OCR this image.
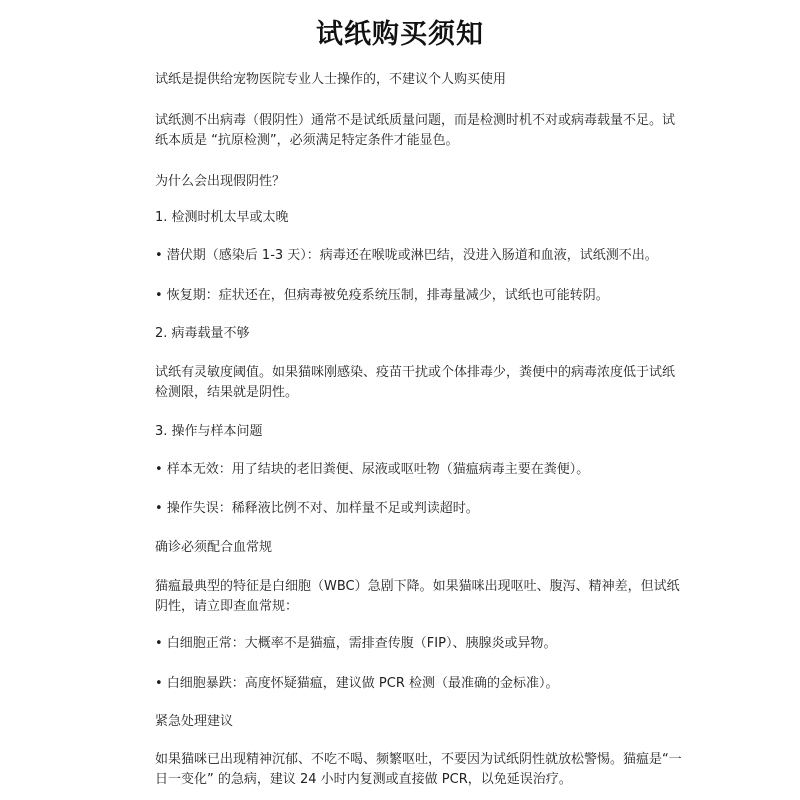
试纸购买须知
试纸是提供给宠物医院专业人士操作的，不建议个人购买使用
试纸测不出病毒（假阴性）通常不是试纸质量问题，而是检测时机不对或病毒载量不足。试
纸本质是 “抗原检测”，必须满足特定条件才能显色。
为什么会出现假阴性？
1. 检测时机太早或太晚
• 潜伏期（感染后 1-3 天）：病毒还在喉咙或淋巴结，没进入肠道和血液，试纸测不出。
• 恢复期：症状还在，但病毒被免疫系统压制，排毒量减少，试纸也可能转阴。
2. 病毒载量不够
试纸有灵敏度阈值。如果猫咪刚感染、疫苗干扰或个体排毒少，粪便中的病毒浓度低于试纸
检测限，结果就是阴性。
3. 操作与样本问题
• 样本无效：用了结块的老旧粪便、尿液或呕吐物（猫瘟病毒主要在粪便）。
• 操作失误：稀释液比例不对、加样量不足或判读超时。
确诊必须配合血常规
猫瘟最典型的特征是白细胞（WBC）急剧下降。如果猫咪出现呕吐、腹泻、精神差，但试纸
阴性，请立即查血常规：
• 白细胞正常：大概率不是猫瘟，需排查传腹（FIP）、胰腺炎或异物。
• 白细胞暴跌：高度怀疑猫瘟，建议做 PCR 检测（最准确的金标准）。
紧急处理建议
如果猫咪已出现精神沉郁、不吃不喝、频繁呕吐，不要因为试纸阴性就放松警惕。猫瘟是“一
日一变化” 的急病，建议 24 小时内复测或直接做 PCR，以免延误治疗。
